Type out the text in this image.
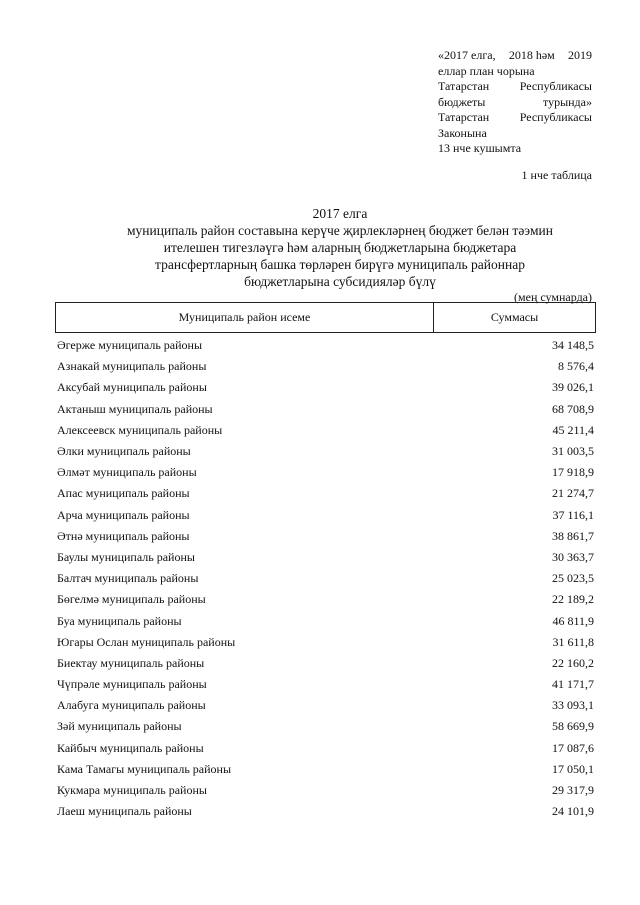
«2017 елга, 2018 һәм 2019
еллар план чорына
Татарстан	Республикасы
бюджеты	турында»
Татарстан	Республикасы
Законына
13 нче кушымта
1 нче таблица
2017 елга
муниципаль район составына керүче җирлекләрнең бюджет белән тәэмин
ителешен тигезләүгә һәм аларның бюджетларына бюджетара
трансфертларның башка төрләрен бирүгә муниципаль районнар
бюджетларына субсидияләр бүлү
(мең сумнарда)
Муниципаль район исеме	Суммасы
Әгерже муниципаль районы	34 148,5
Азнакай муниципаль районы	8 576,4
Аксубай муниципаль районы	39 026,1
Актаныш муниципаль районы	68 708,9
Алексеевск муниципаль районы	45 211,4
Әлки муниципаль районы	31 003,5
Әлмәт муниципаль районы	17 918,9
Апас муниципаль районы	21 274,7
Арча муниципаль районы	37 116,1
Әтнә муниципаль районы	38 861,7
Баулы муниципаль районы	30 363,7
Балтач муниципаль районы	25 023,5
Бөгелмә муниципаль районы	22 189,2
Буа муниципаль районы	46 811,9
Югары Ослан муниципаль районы	31 611,8
Биектау муниципаль районы	22 160,2
Чүпрәле муниципаль районы	41 171,7
Алабуга муниципаль районы	33 093,1
Зәй муниципаль районы	58 669,9
Кайбыч муниципаль районы	17 087,6
Кама Тамагы муниципаль районы	17 050,1
Кукмара муниципаль районы	29 317,9
Лаеш муниципаль районы	24 101,9
